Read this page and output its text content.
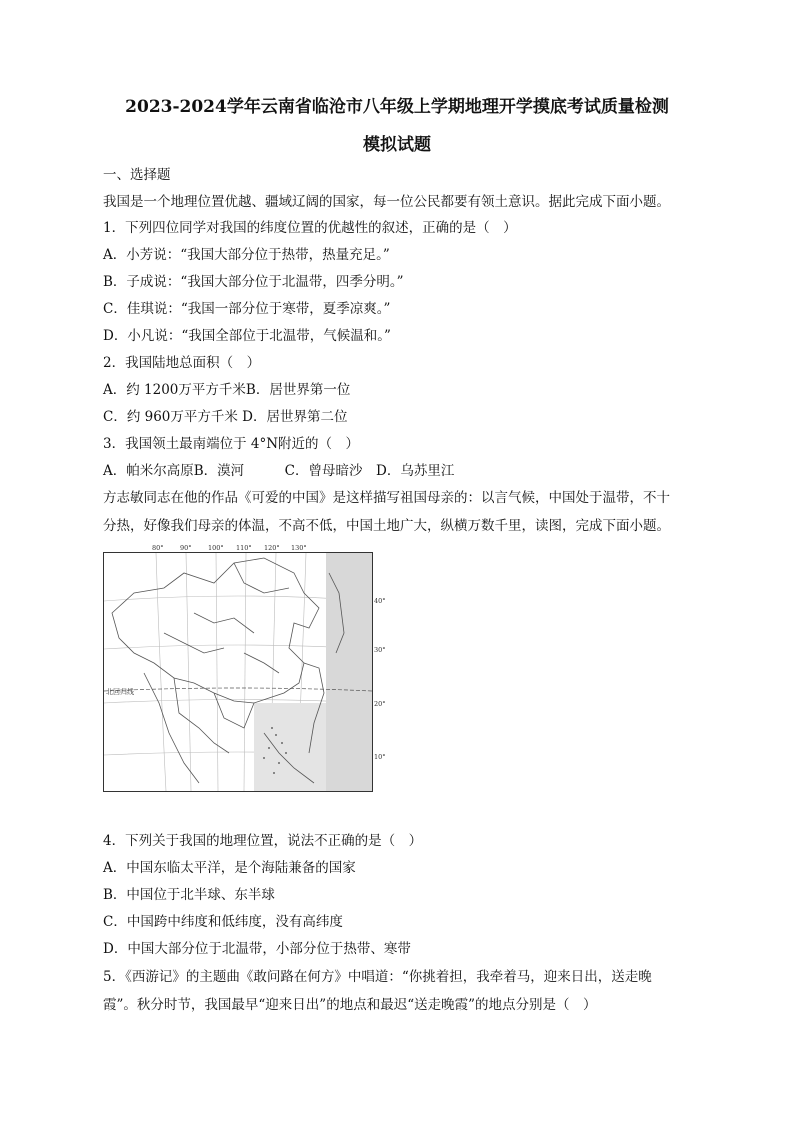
2023-2024学年云南省临沧市八年级上学期地理开学摸底考试质量检测
模拟试题
一、选择题
我国是一个地理位置优越、疆域辽阔的国家，每一位公民都要有领土意识。据此完成下面小题。
1．下列四位同学对我国的纬度位置的优越性的叙述，正确的是（　）
A．小芳说：“我国大部分位于热带，热量充足。”
B．子成说：“我国大部分位于北温带，四季分明。”
C．佳琪说：“我国一部分位于寒带，夏季凉爽。”
D．小凡说：“我国全部位于北温带，气候温和。”
2．我国陆地总面积（　）
A．约 1200万平方千米B．居世界第一位
C．约 960万平方千米 D．居世界第二位
3．我国领土最南端位于 4°N附近的（　）
A．帕米尔高原B．漠河　　　C．曾母暗沙　D．乌苏里江
方志敏同志在他的作品《可爱的中国》是这样描写祖国母亲的：以言气候，中国处于温带，不十
分热，好像我们母亲的体温，不高不低，中国土地广大，纵横万数千里，读图，完成下面小题。
北回归线
80°	90°	100° 110° 120° 130°
40°
30°
20°
10°
4．下列关于我国的地理位置，说法不正确的是（　）
A．中国东临太平洋，是个海陆兼备的国家
B．中国位于北半球、东半球
C．中国跨中纬度和低纬度，没有高纬度
D．中国大部分位于北温带，小部分位于热带、寒带
5．《西游记》的主题曲《敢问路在何方》中唱道：“你挑着担，我牵着马，迎来日出，送走晚
霞”。秋分时节，我国最早“迎来日出”的地点和最迟“送走晚霞”的地点分别是（　）
